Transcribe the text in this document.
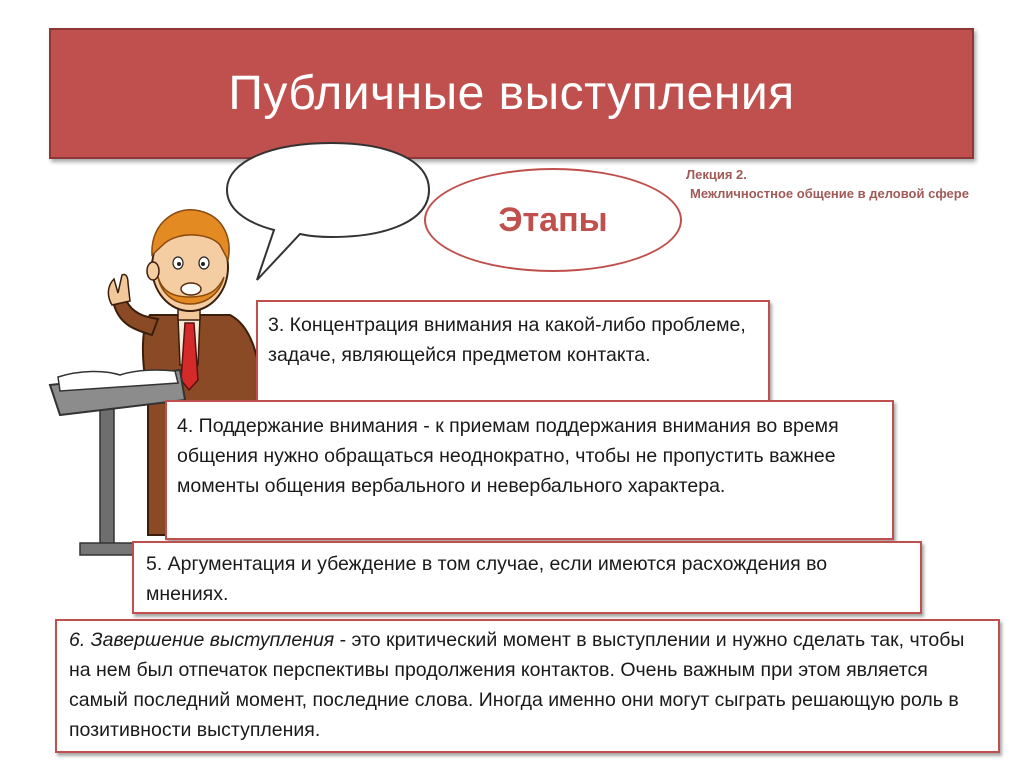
Публичные выступления
Лекция 2.
Межличностное общение в деловой сфере
Этапы
3. Концентрация внимания на какой-либо проблеме, задаче, являющейся предметом контакта.
4. Поддержание внимания - к приемам поддержания внимания во время общения нужно обращаться неоднократно, чтобы не пропустить важнее моменты общения вербального и невербального характера.
5. Аргументация и убеждение в том случае, если имеются расхождения во мнениях.
6. Завершение выступления - это критический момент в выступлении и нужно сделать так, чтобы на нем был отпечаток перспективы продолжения контактов. Очень важным при этом является самый последний момент, последние слова. Иногда именно они могут сыграть решающую роль в позитивности выступления.
